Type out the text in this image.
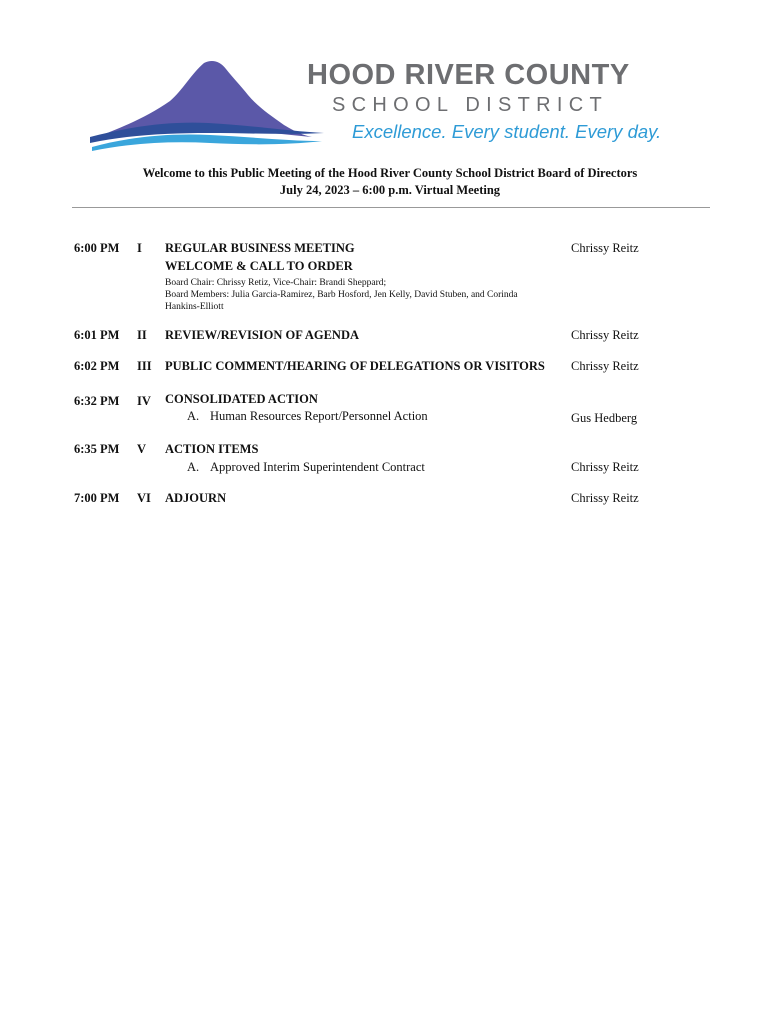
HOOD RIVER COUNTY
SCHOOL DISTRICT
Excellence. Every student. Every day.
Welcome to this Public Meeting of the Hood River County School District Board of Directors
July 24, 2023 – 6:00 p.m. Virtual Meeting
6:00 PM I REGULAR BUSINESS MEETING
WELCOME & CALL TO ORDER
Chrissy Reitz
Board Chair: Chrissy Retiz, Vice-Chair: Brandi Sheppard;
Board Members: Julia Garcia-Ramirez, Barb Hosford, Jen Kelly, David Stuben, and Corinda
Hankins-Elliott
6:01 PM II REVIEW/REVISION OF AGENDA	Chrissy Reitz
6:02 PM III PUBLIC COMMENT/HEARING OF DELEGATIONS OR VISITORS Chrissy Reitz
6:32 PM IV CONSOLIDATED ACTION
A. Human Resources Report/Personnel Action	Gus Hedberg
6:35 PM V ACTION ITEMS
A. Approved Interim Superintendent Contract	Chrissy Reitz
7:00 PM VI ADJOURN	Chrissy Reitz
